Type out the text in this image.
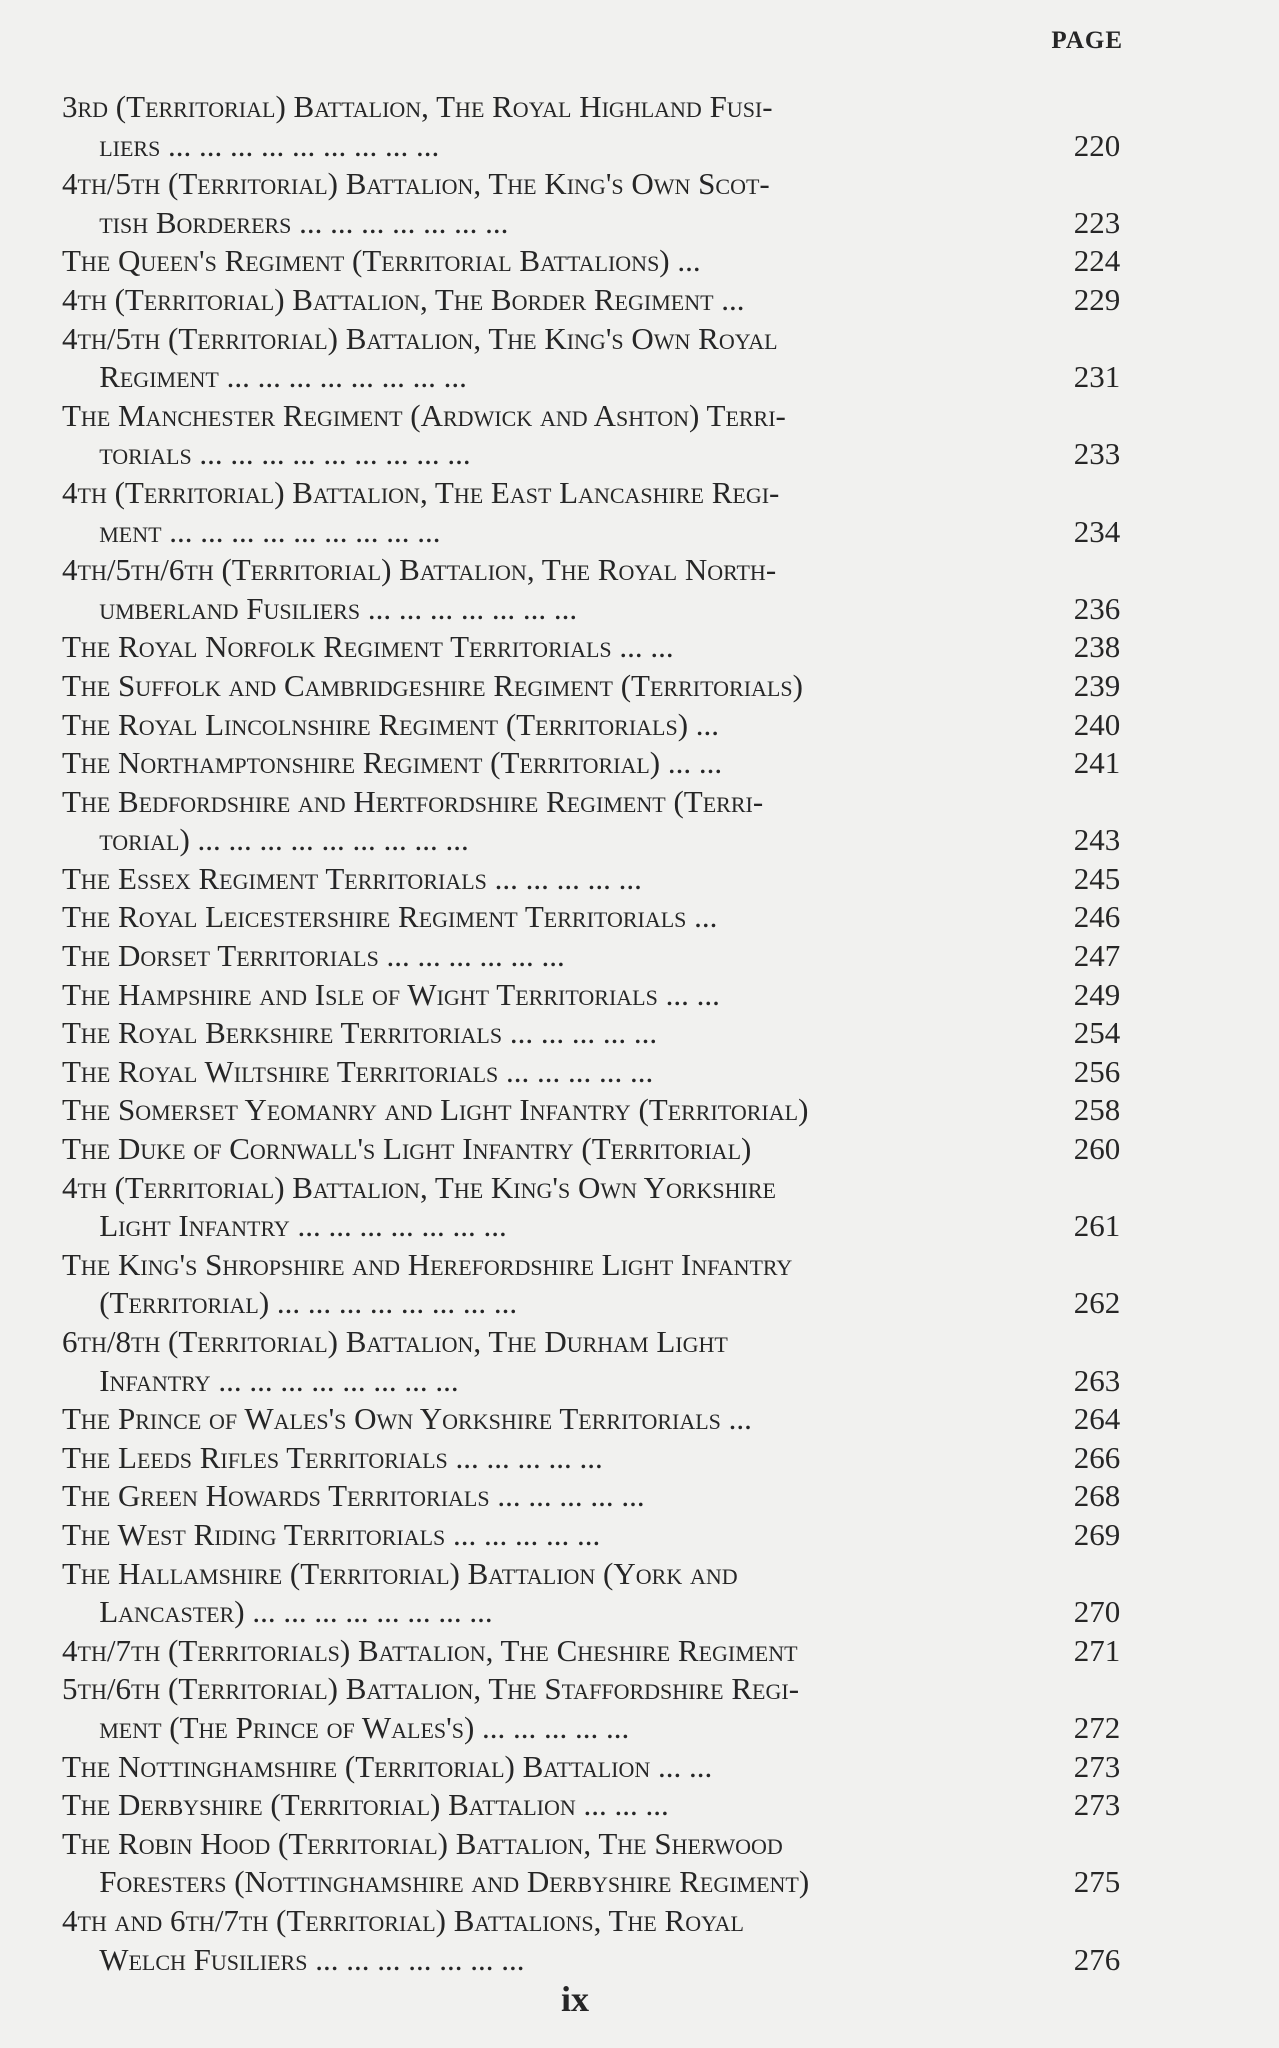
PAGE
3rd (Territorial) Battalion, The Royal Highland Fusi-
liers ... ... ... ... ... ... ... ... ...	220
4th/5th (Territorial) Battalion, The King's Own Scot-
tish Borderers ... ... ... ... ... ... ...	223
The Queen's Regiment (Territorial Battalions) ...	224
4th (Territorial) Battalion, The Border Regiment ...	229
4th/5th (Territorial) Battalion, The King's Own Royal
Regiment ... ... ... ... ... ... ... ...	231
The Manchester Regiment (Ardwick and Ashton) Terri-
torials ... ... ... ... ... ... ... ... ...	233
4th (Territorial) Battalion, The East Lancashire Regi-
ment ... ... ... ... ... ... ... ... ...	234
4th/5th/6th (Territorial) Battalion, The Royal North-
umberland Fusiliers ... ... ... ... ... ... ...	236
The Royal Norfolk Regiment Territorials ... ...	238
The Suffolk and Cambridgeshire Regiment (Territorials)	239
The Royal Lincolnshire Regiment (Territorials) ...	240
The Northamptonshire Regiment (Territorial) ... ...	241
The Bedfordshire and Hertfordshire Regiment (Terri-
torial) ... ... ... ... ... ... ... ... ...	243
The Essex Regiment Territorials ... ... ... ... ...	245
The Royal Leicestershire Regiment Territorials ...	246
The Dorset Territorials ... ... ... ... ... ...	247
The Hampshire and Isle of Wight Territorials ... ...	249
The Royal Berkshire Territorials ... ... ... ... ...	254
The Royal Wiltshire Territorials ... ... ... ... ...	256
The Somerset Yeomanry and Light Infantry (Territorial)	258
The Duke of Cornwall's Light Infantry (Territorial)	260
4th (Territorial) Battalion, The King's Own Yorkshire
Light Infantry ... ... ... ... ... ... ...	261
The King's Shropshire and Herefordshire Light Infantry
(Territorial) ... ... ... ... ... ... ... ...	262
6th/8th (Territorial) Battalion, The Durham Light
Infantry ... ... ... ... ... ... ... ...	263
The Prince of Wales's Own Yorkshire Territorials ...	264
The Leeds Rifles Territorials ... ... ... ... ...	266
The Green Howards Territorials ... ... ... ... ...	268
The West Riding Territorials ... ... ... ... ...	269
The Hallamshire (Territorial) Battalion (York and
Lancaster) ... ... ... ... ... ... ... ...	270
4th/7th (Territorials) Battalion, The Cheshire Regiment	271
5th/6th (Territorial) Battalion, The Staffordshire Regi-
ment (The Prince of Wales's) ... ... ... ... ...	272
The Nottinghamshire (Territorial) Battalion ... ...	273
The Derbyshire (Territorial) Battalion ... ... ...	273
The Robin Hood (Territorial) Battalion, The Sherwood
Foresters (Nottinghamshire and Derbyshire Regiment)	275
4th and 6th/7th (Territorial) Battalions, The Royal
Welch Fusiliers ... ... ... ... ... ... ...	276
ix
